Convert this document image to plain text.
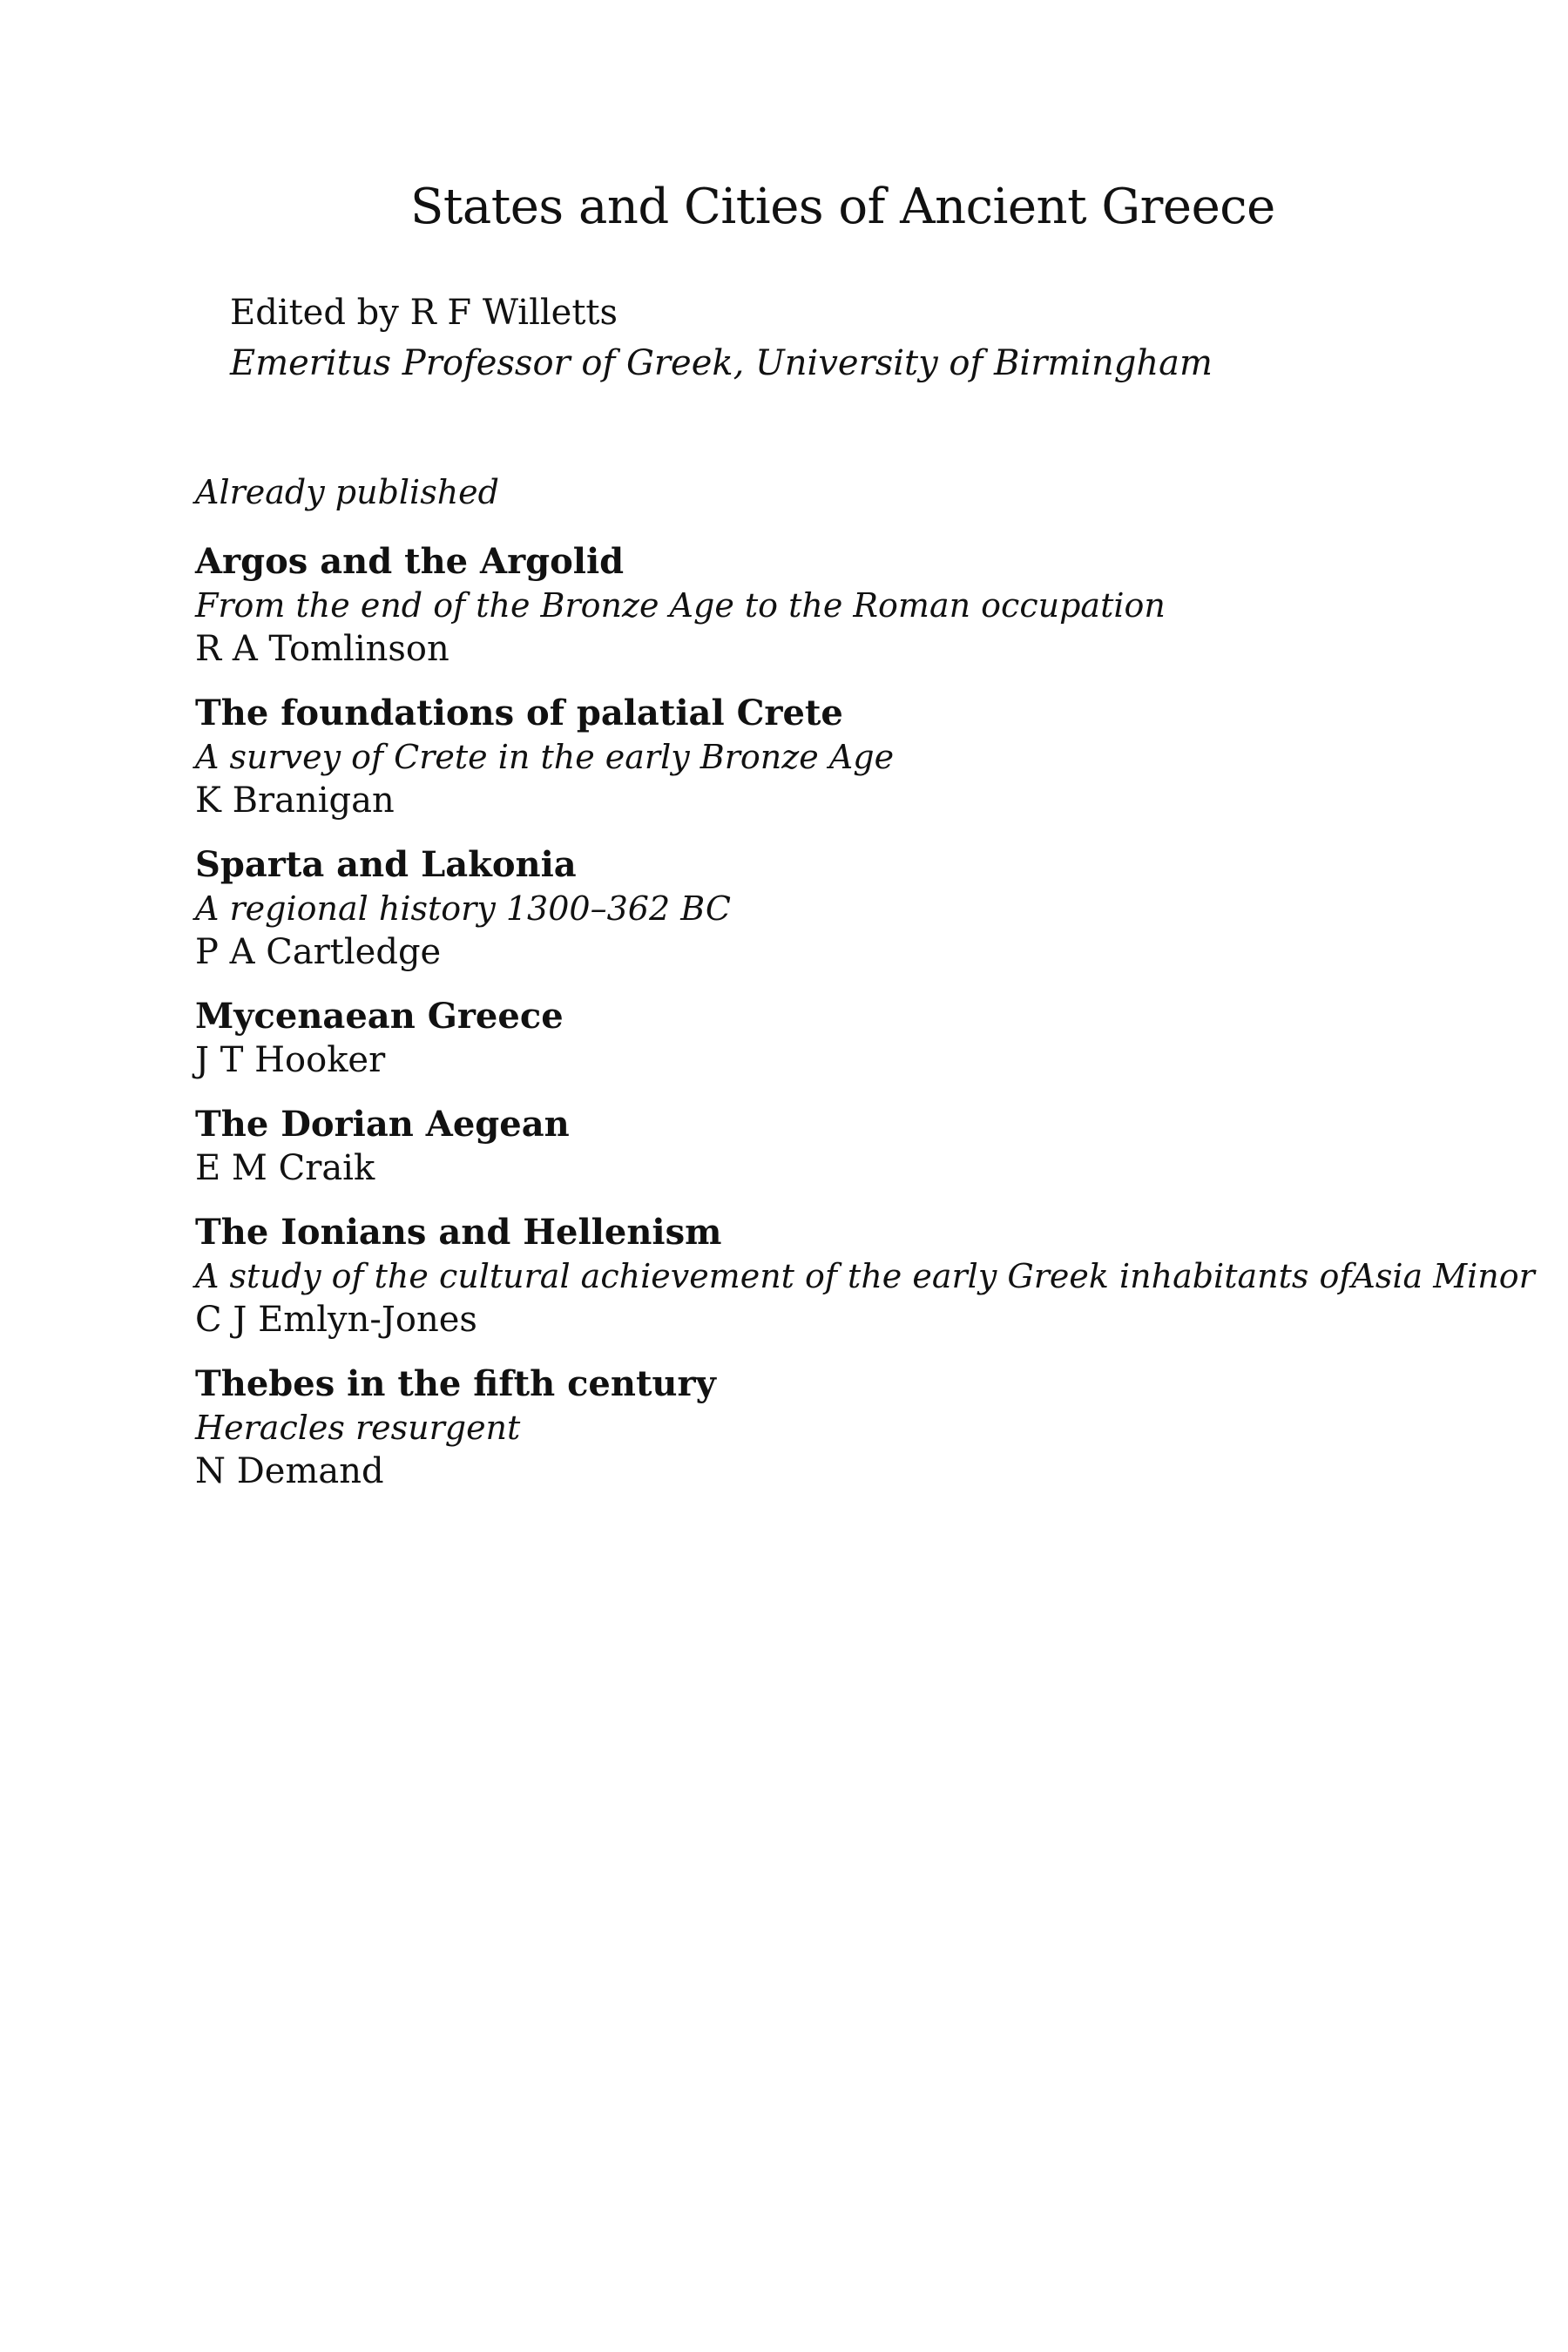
States and Cities of Ancient Greece
Edited by R F Willetts
Emeritus Professor of Greek, University of Birmingham
Already published
Argos and the Argolid
From the end of the Bronze Age to the Roman occupation
R A Tomlinson
The foundations of palatial Crete
A survey of Crete in the early Bronze Age
K Branigan
Sparta and Lakonia
A regional history 1300–362 BC
P A Cartledge
Mycenaean Greece
J T Hooker
The Dorian Aegean
E M Craik
The Ionians and Hellenism
A study of the cultural achievement of the early Greek inhabitants ofAsia Minor
C J Emlyn-Jones
Thebes in the fifth century
Heracles resurgent
N Demand
